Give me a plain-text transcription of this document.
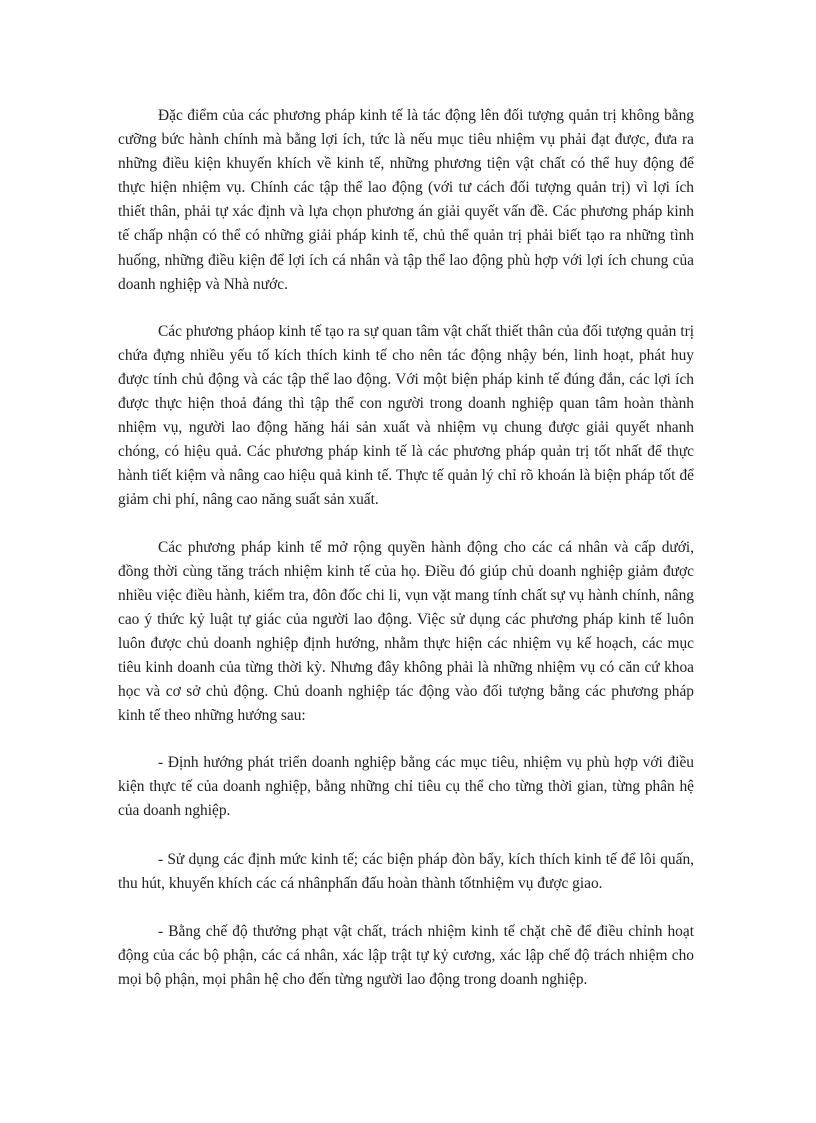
Đặc điểm của các phương pháp kinh tế là tác động lên đối tượng quản trị không bằng cưỡng bức hành chính mà bằng lợi ích, tức là nếu mục tiêu nhiệm vụ phải đạt được, đưa ra những điều kiện khuyến khích về kinh tế, những phương tiện vật chất có thể huy động để thực hiện nhiệm vụ. Chính các tập thể lao động (với tư cách đối tượng quản trị) vì lợi ích thiết thân, phải tự xác định và lựa chọn phương án giải quyết vấn đề. Các phương pháp kinh tế chấp nhận có thể có những giải pháp kinh tế, chủ thể quản trị phải biết tạo ra những tình huống, những điều kiện để lợi ích cá nhân và tập thể lao động phù hợp với lợi ích chung của doanh nghiệp và Nhà nước.

Các phương pháop kinh tế tạo ra sự quan tâm vật chất thiết thân của đối tượng quản trị chứa đựng nhiều yếu tố kích thích kinh tế cho nên tác động nhậy bén, linh hoạt, phát huy được tính chủ động và các tập thể lao động. Với một biện pháp kinh tế đúng đắn, các lợi ích được thực hiện thoả đáng thì tập thể con người trong doanh nghiệp quan tâm hoàn thành nhiệm vụ, người lao động hăng hái sản xuất và nhiệm vụ chung được giải quyết nhanh chóng, có hiệu quả. Các phương pháp kinh tế là các phương pháp quản trị tốt nhất để thực hành tiết kiệm và nâng cao hiệu quả kinh tế. Thực tế quản lý chỉ rõ khoán là biện pháp tốt để giảm chi phí, nâng cao năng suất sản xuất.

Các phương pháp kinh tế mở rộng quyền hành động cho các cá nhân và cấp dưới, đồng thời cùng tăng trách nhiệm kinh tế của họ. Điều đó giúp chủ doanh nghiệp giảm được nhiều việc điều hành, kiểm tra, đôn đốc chi li, vụn vặt mang tính chất sự vụ hành chính, nâng cao ý thức kỷ luật tự giác của người lao động. Việc sử dụng các phương pháp kinh tế luôn luôn được chủ doanh nghiệp định hướng, nhằm thực hiện các nhiệm vụ kế hoạch, các mục tiêu kinh doanh của từng thời kỳ. Nhưng đây không phải là những nhiệm vụ có căn cứ khoa học và cơ sở chủ động. Chủ doanh nghiệp tác động vào đối tượng bằng các phương pháp kinh tế theo những hướng sau:

- Định hướng phát triển doanh nghiệp bằng các mục tiêu, nhiệm vụ phù hợp với điều kiện thực tế của doanh nghiệp, bằng những chỉ tiêu cụ thể cho từng thời gian, từng phân hệ của doanh nghiệp.

- Sử dụng các định mức kinh tế; các biện pháp đòn bẩy, kích thích kinh tế để lôi quấn, thu hút, khuyến khích các cá nhânphấn đấu hoàn thành tốtnhiệm vụ được giao.

- Bằng chế độ thưởng phạt vật chất, trách nhiệm kinh tế chặt chẽ để điều chỉnh hoạt động của các bộ phận, các cá nhân, xác lập trật tự kỷ cương, xác lập chế độ trách nhiệm cho mọi bộ phận, mọi phân hệ cho đến từng người lao động trong doanh nghiệp.
